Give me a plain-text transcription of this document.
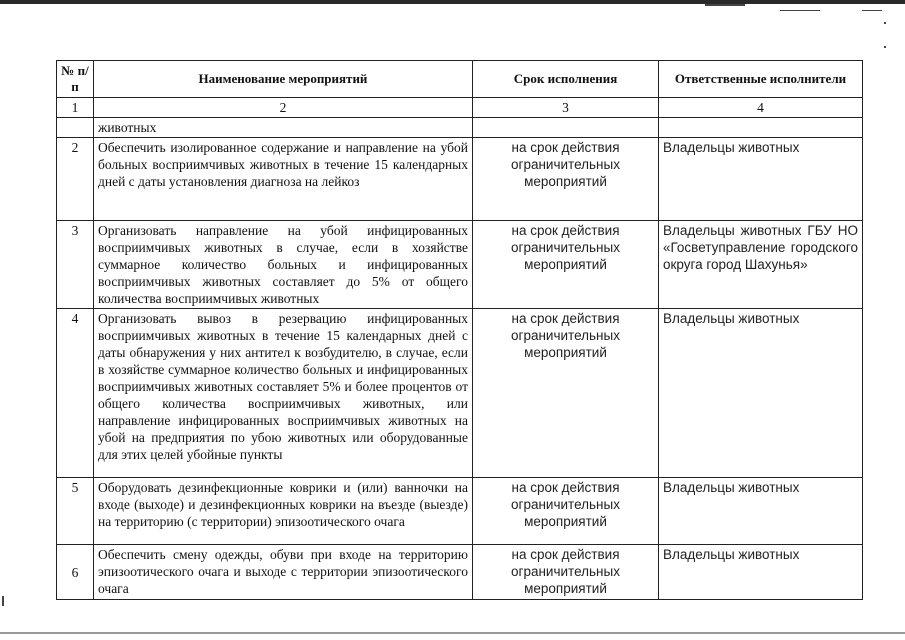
№ п/п	Наименование мероприятий	Срок исполнения	Ответственные исполнители
1	2	3	4
	животных		
2	Обеспечить изолированное содержание и направление на убой больных восприимчивых животных в течение 15 календарных дней с даты установления диагноза на лейкоз	на срок действия ограничительных мероприятий	Владельцы животных
3	Организовать направление на убой инфицированных восприимчивых животных в случае, если в хозяйстве суммарное количество больных и инфицированных восприимчивых животных составляет до 5% от общего количества восприимчивых животных	на срок действия ограничительных мероприятий	Владельцы животных ГБУ НО «Госветуправление городского округа город Шахунья»
4	Организовать вывоз в резервацию инфицированных восприимчивых животных в течение 15 календарных дней с даты обнаружения у них антител к возбудителю, в случае, если в хозяйстве суммарное количество больных и инфицированных восприимчивых животных составляет 5% и более процентов от общего количества восприимчивых животных, или направление инфицированных восприимчивых животных на убой на предприятия по убою животных или оборудованные для этих целей убойные пункты	на срок действия ограничительных мероприятий	Владельцы животных
5	Оборудовать дезинфекционные коврики и (или) ванночки на входе (выходе) и дезинфекционных коврики на въезде (выезде) на территорию (с территории) эпизоотического очага	на срок действия ограничительных мероприятий	Владельцы животных
6	Обеспечить смену одежды, обуви при входе на территорию эпизоотического очага и выходе с территории эпизоотического очага	на срок действия ограничительных мероприятий	Владельцы животных
